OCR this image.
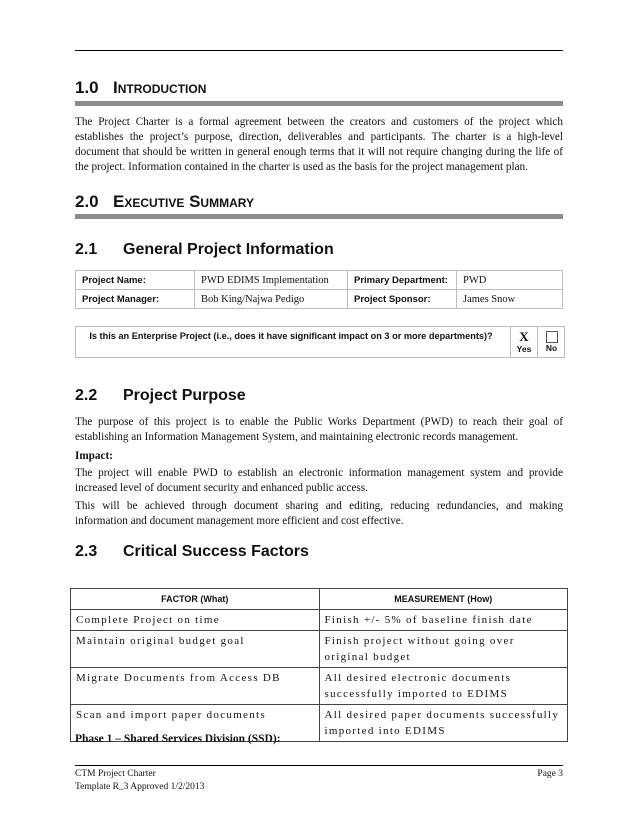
1.0 Introduction
The Project Charter is a formal agreement between the creators and customers of the project which establishes the project’s purpose, direction, deliverables and participants. The charter is a high-level document that should be written in general enough terms that it will not require changing during the life of the project. Information contained in the charter is used as the basis for the project management plan.
2.0 Executive Summary
2.1 General Project Information
Project Name:	PWD EDIMS Implementation	Primary Department:	PWD
Project Manager:	Bob King/Najwa Pedigo	Project Sponsor:	James Snow
Is this an Enterprise Project (i.e., does it have significant impact on 3 or more departments)?	X
Yes	No
2.2 Project Purpose
The purpose of this project is to enable the Public Works Department (PWD) to reach their goal of establishing an Information Management System, and maintaining electronic records management.
Impact:
The project will enable PWD to establish an electronic information management system and provide increased level of document security and enhanced public access.
This will be achieved through document sharing and editing, reducing redundancies, and making information and document management more efficient and cost effective.
2.3 Critical Success Factors
FACTOR (What)	MEASUREMENT (How)
Complete Project on time	Finish +/- 5% of baseline finish date
Maintain original budget goal	Finish project without going over original budget
Migrate Documents from Access DB	All desired electronic documents successfully imported to EDIMS
Scan and import paper documents	All desired paper documents successfully imported into EDIMS
Phase 1 – Shared Services Division (SSD):
CTM Project Charter
Template R_3 Approved 1/2/2013
Page 3
